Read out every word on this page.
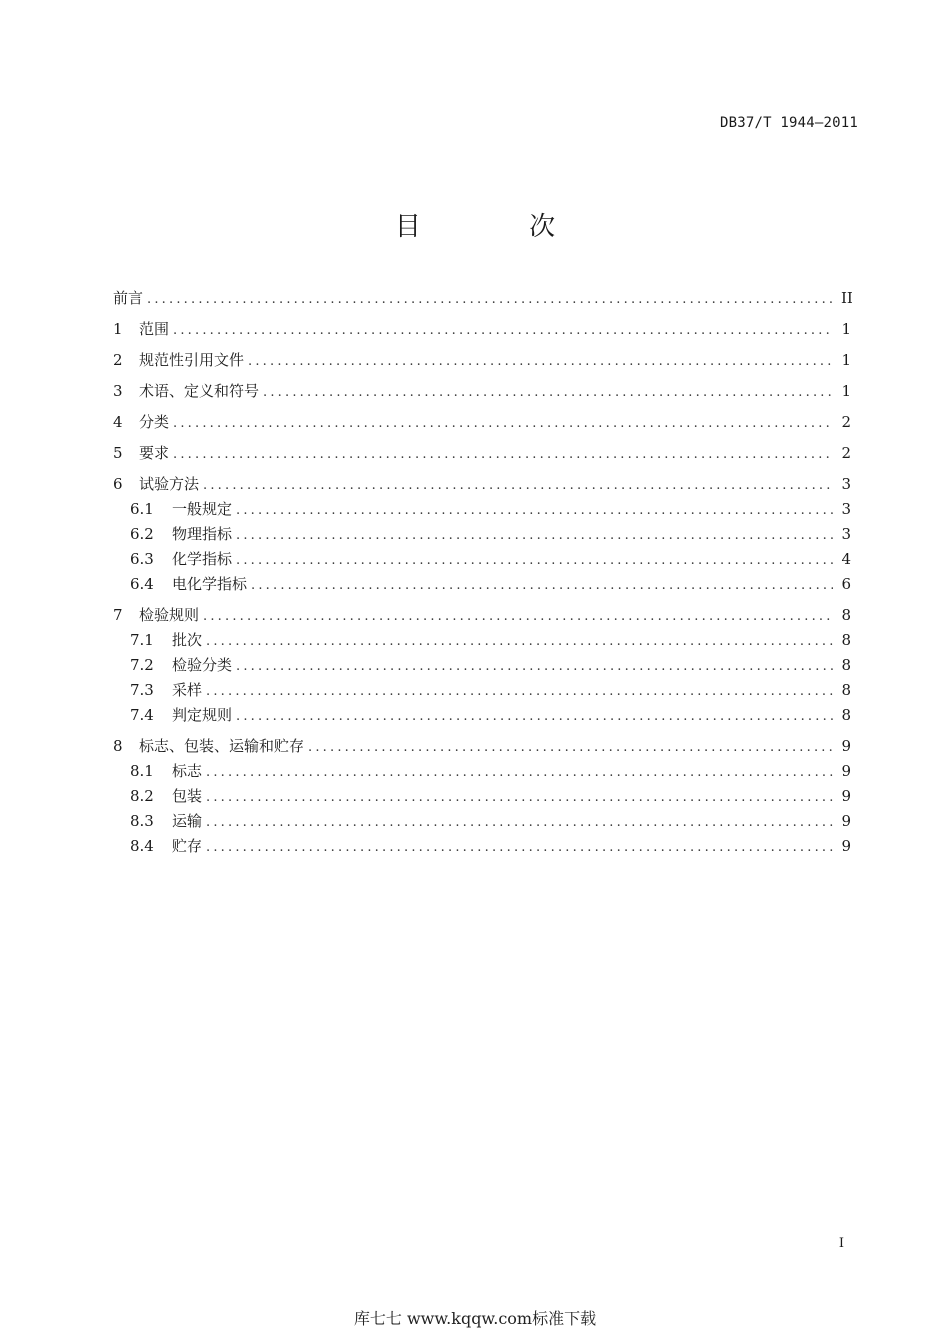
DB37/T 1944—2011
目 次
前言 .....	II
1	范围 .....	1
2	规范性引用文件 .....	1
3	术语、定义和符号 .....	1
4	分类 .....	2
5	要求 .....	2
6	试验方法 .....	3
6.1	一般规定 .....	3
6.2	物理指标 .....	3
6.3	化学指标 .....	4
6.4	电化学指标 .....	6
7	检验规则 .....	8
7.1	批次 .....	8
7.2	检验分类 .....	8
7.3	采样 .....	8
7.4	判定规则 .....	8
8	标志、包装、运输和贮存 .....	9
8.1	标志 .....	9
8.2	包装 .....	9
8.3	运输 .....	9
8.4	贮存 .....	9
I
库七七 www.kqqw.com标准下载
